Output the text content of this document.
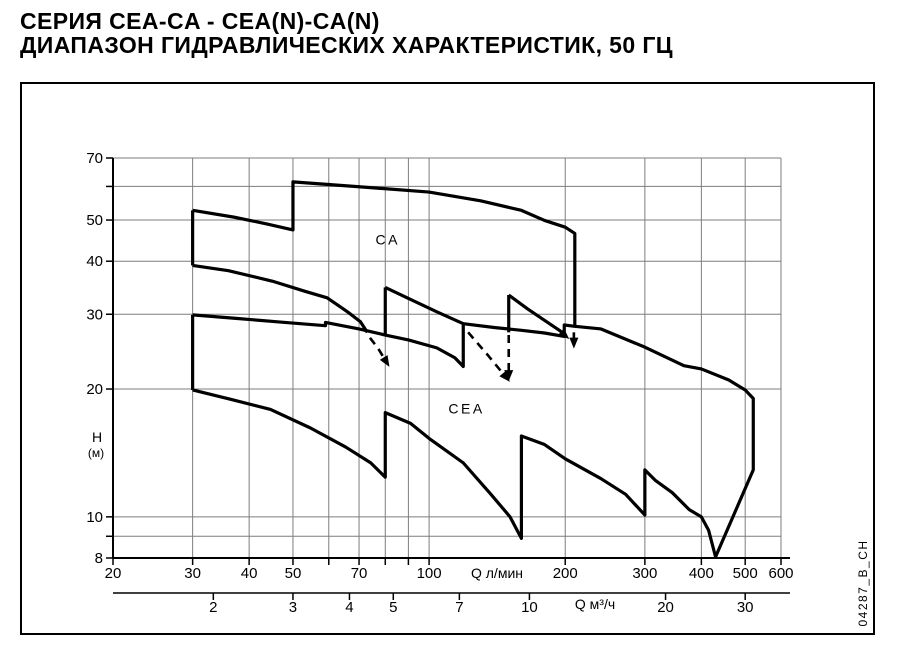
СЕРИЯ CEA-CA - CEA(N)-CA(N)
ДИАПАЗОН ГИДРАВЛИЧЕСКИХ ХАРАКТЕРИСТИК, 50 ГЦ
20	30	40 50	70	100	200	300 400 500 600
Q л/мин
2	3	4 5	7	10	20	30
Q м³/ч
70
50
40
30
20
10
8
H
(м)
CA
CEA
04287_B_CH
